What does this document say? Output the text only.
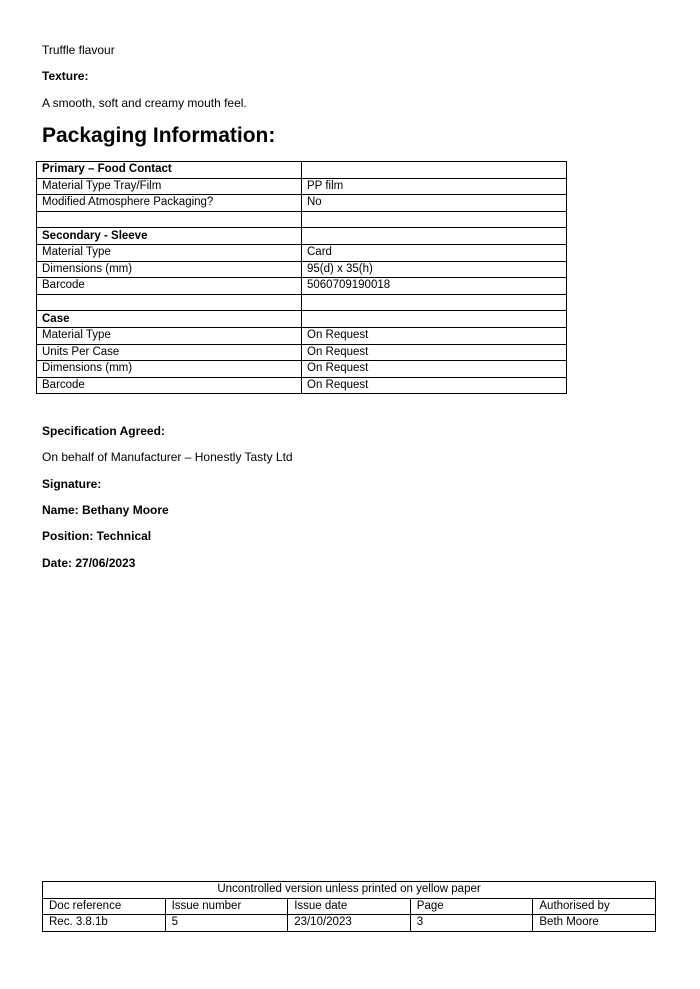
Truffle flavour

Texture:

A smooth, soft and creamy mouth feel.

Packaging Information:
Primary – Food Contact	
Material Type Tray/Film	PP film
Modified Atmosphere Packaging?	No

Secondary - Sleeve	
Material Type	Card
Dimensions (mm)	95(d) x 35(h)
Barcode	5060709190018

Case	
Material Type	On Request
Units Per Case	On Request
Dimensions (mm)	On Request
Barcode	On Request

Specification Agreed:

On behalf of Manufacturer – Honestly Tasty Ltd

Signature:

Name: Bethany Moore

Position: Technical

Date: 27/06/2023

Uncontrolled version unless printed on yellow paper				
Doc reference	Issue number	Issue date	Page	Authorised by
Rec. 3.8.1b	5	23/10/2023	3	Beth Moore
